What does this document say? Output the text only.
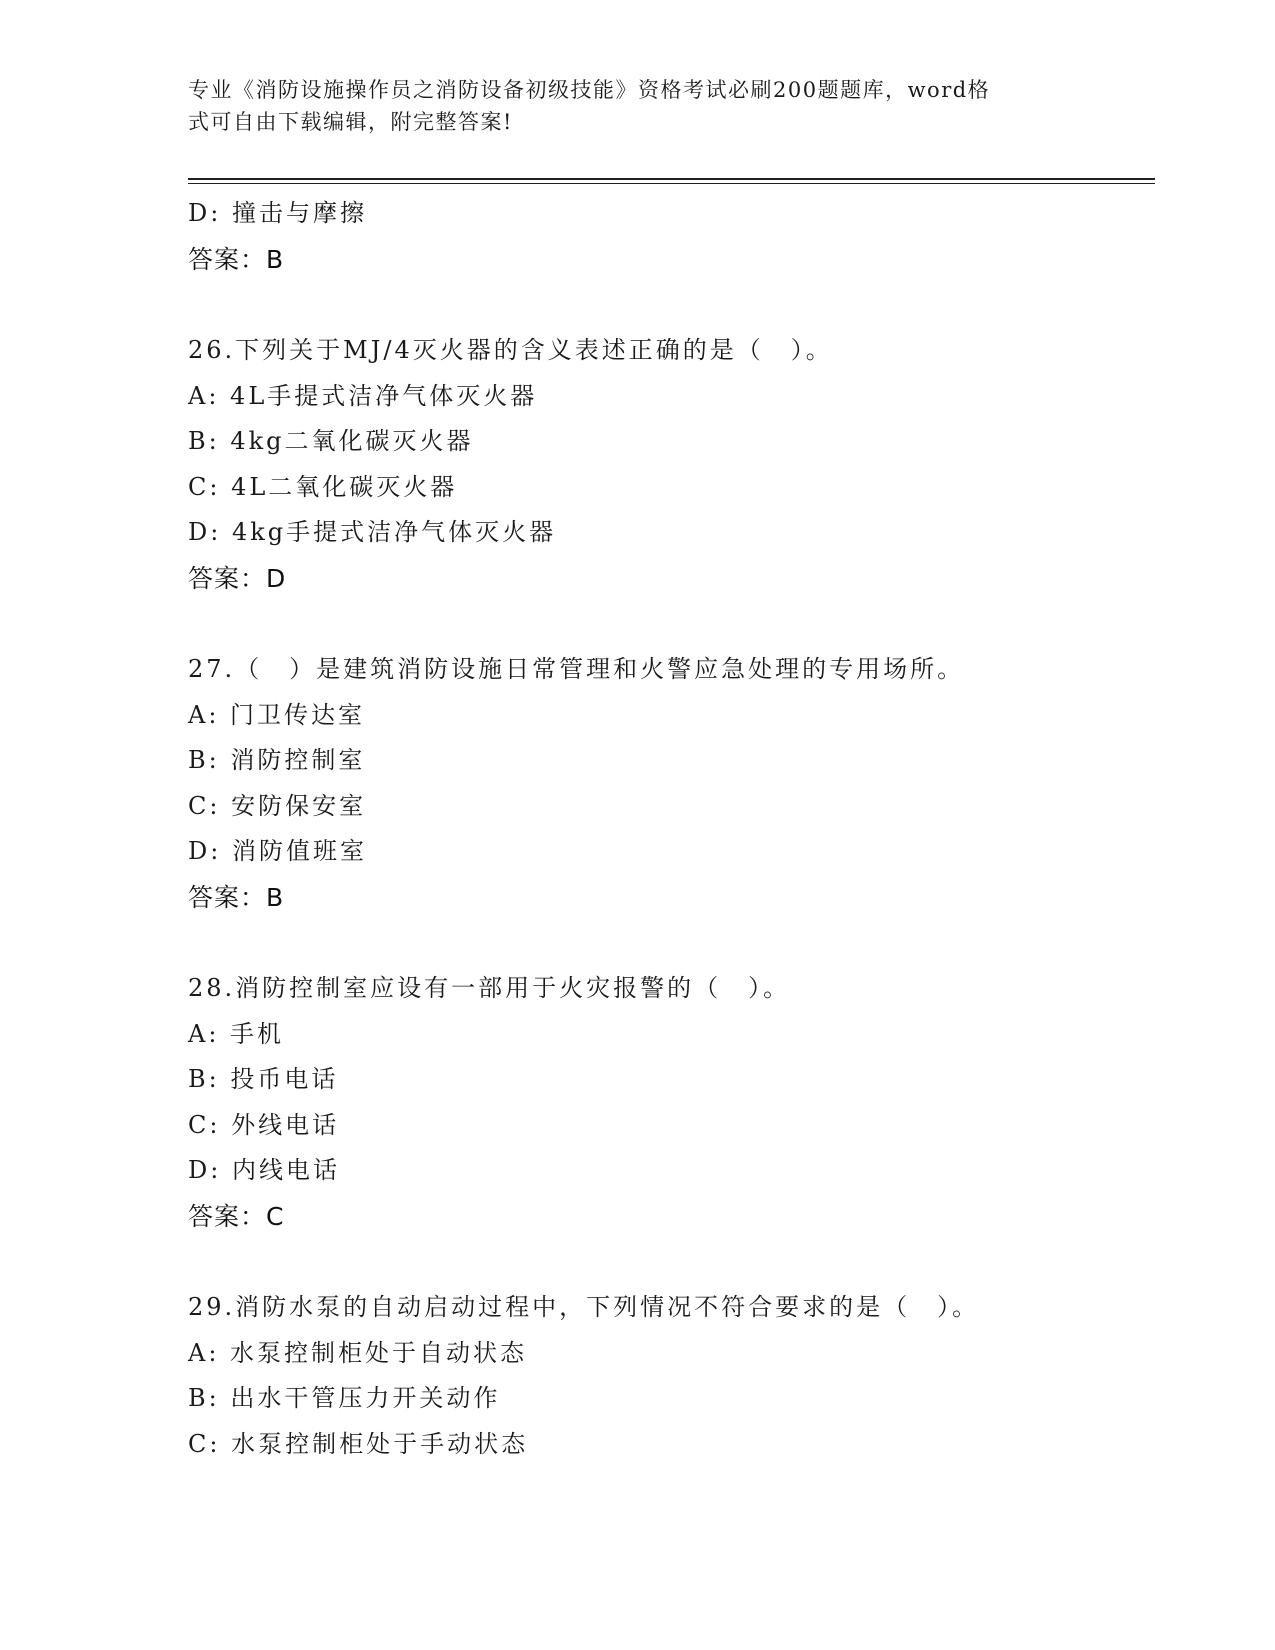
专业《消防设施操作员之消防设备初级技能》资格考试必刷200题题库，word格
式可自由下载编辑，附完整答案!
D: 撞击与摩擦
答案：B
26.下列关于MJ/4灭火器的含义表述正确的是（　）。
A: 4L手提式洁净气体灭火器
B: 4kg二氧化碳灭火器
C: 4L二氧化碳灭火器
D: 4kg手提式洁净气体灭火器
答案：D
27.（　）是建筑消防设施日常管理和火警应急处理的专用场所。
A: 门卫传达室
B: 消防控制室
C: 安防保安室
D: 消防值班室
答案：B
28.消防控制室应设有一部用于火灾报警的（　）。
A: 手机
B: 投币电话
C: 外线电话
D: 内线电话
答案：C
29.消防水泵的自动启动过程中，下列情况不符合要求的是（　）。
A: 水泵控制柜处于自动状态
B: 出水干管压力开关动作
C: 水泵控制柜处于手动状态
